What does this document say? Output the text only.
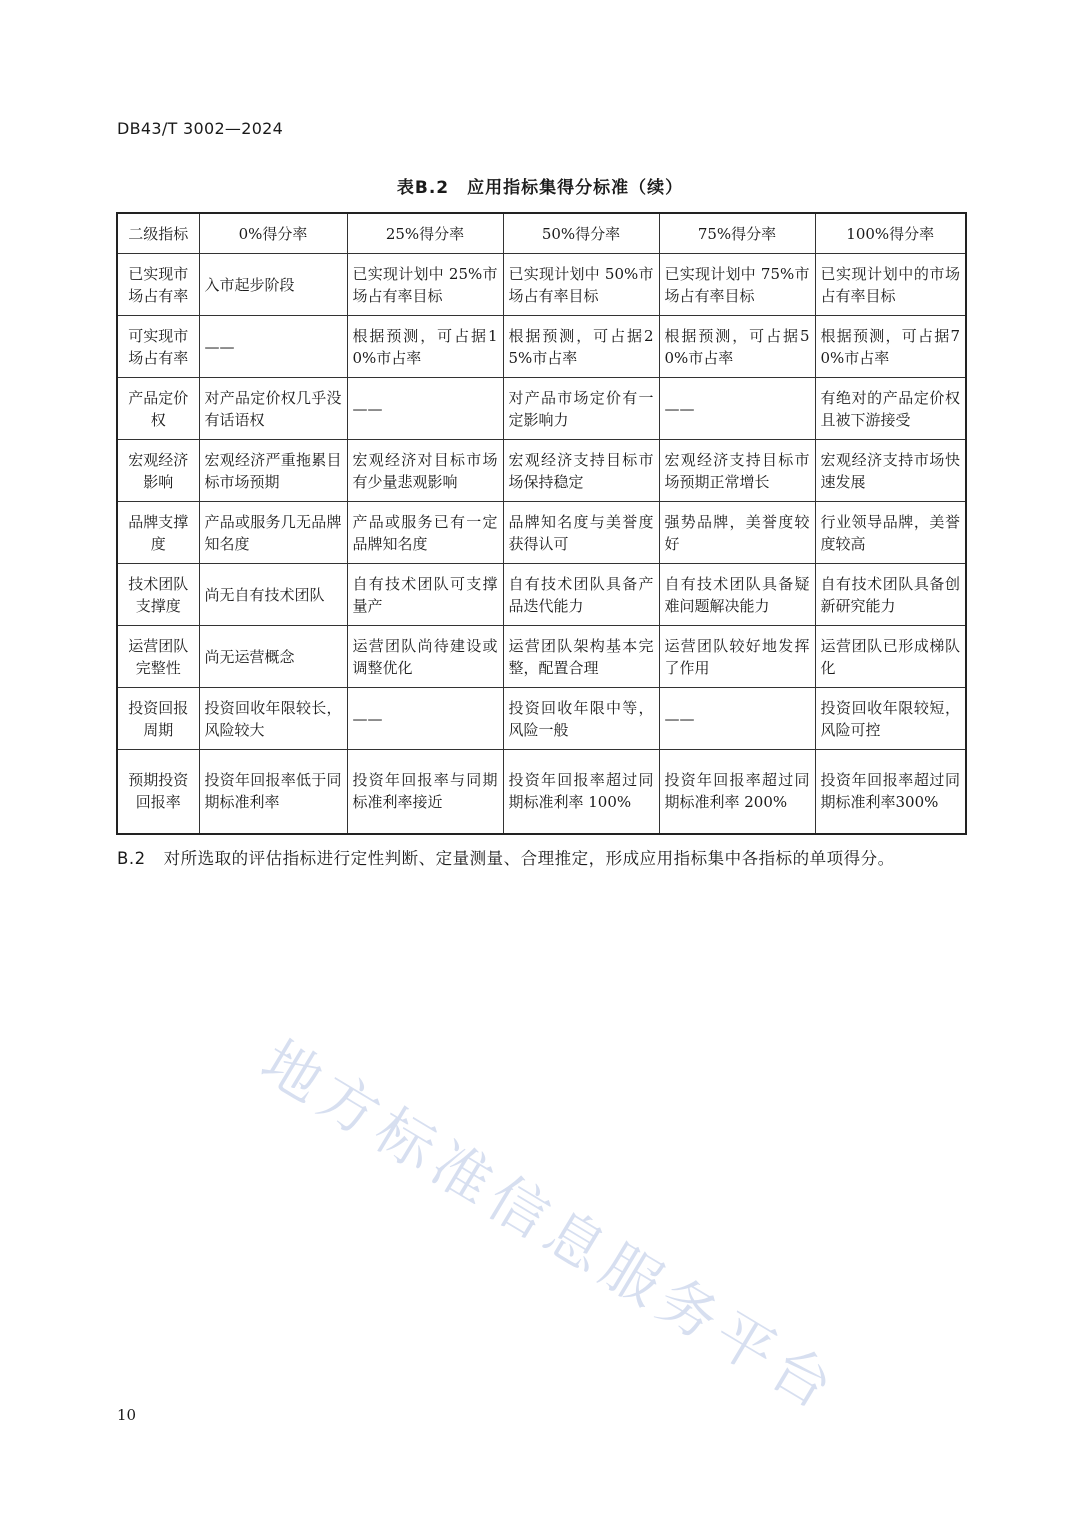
DB43/T 3002—2024
表B.2　应用指标集得分标准（续）
二级指标	0%得分率	25%得分率	50%得分率	75%得分率	100%得分率
已实现市场占有率	入市起步阶段	已实现计划中 25%市场占有率目标	已实现计划中 50%市场占有率目标	已实现计划中 75%市场占有率目标	已实现计划中的市场占有率目标
可实现市场占有率	——	根据预测，可占据10%市占率	根据预测，可占据25%市占率	根据预测，可占据50%市占率	根据预测，可占据70%市占率
产品定价权	对产品定价权几乎没有话语权	——	对产品市场定价有一定影响力	——	有绝对的产品定价权且被下游接受
宏观经济影响	宏观经济严重拖累目标市场预期	宏观经济对目标市场有少量悲观影响	宏观经济支持目标市场保持稳定	宏观经济支持目标市场预期正常增长	宏观经济支持市场快速发展
品牌支撑度	产品或服务几无品牌知名度	产品或服务已有一定品牌知名度	品牌知名度与美誉度获得认可	强势品牌，美誉度较好	行业领导品牌，美誉度较高
技术团队支撑度	尚无自有技术团队	自有技术团队可支撑量产	自有技术团队具备产品迭代能力	自有技术团队具备疑难问题解决能力	自有技术团队具备创新研究能力
运营团队完整性	尚无运营概念	运营团队尚待建设或调整优化	运营团队架构基本完整，配置合理	运营团队较好地发挥了作用	运营团队已形成梯队化
投资回报周期	投资回收年限较长，风险较大	——	投资回收年限中等，风险一般	——	投资回收年限较短，风险可控
预期投资回报率	投资年回报率低于同期标准利率	投资年回报率与同期标准利率接近	投资年回报率超过同期标准利率 100%	投资年回报率超过同期标准利率 200%	投资年回报率超过同期标准利率300%
B.2 对所选取的评估指标进行定性判断、定量测量、合理推定，形成应用指标集中各指标的单项得分。
地方标准信息服务平台
10
